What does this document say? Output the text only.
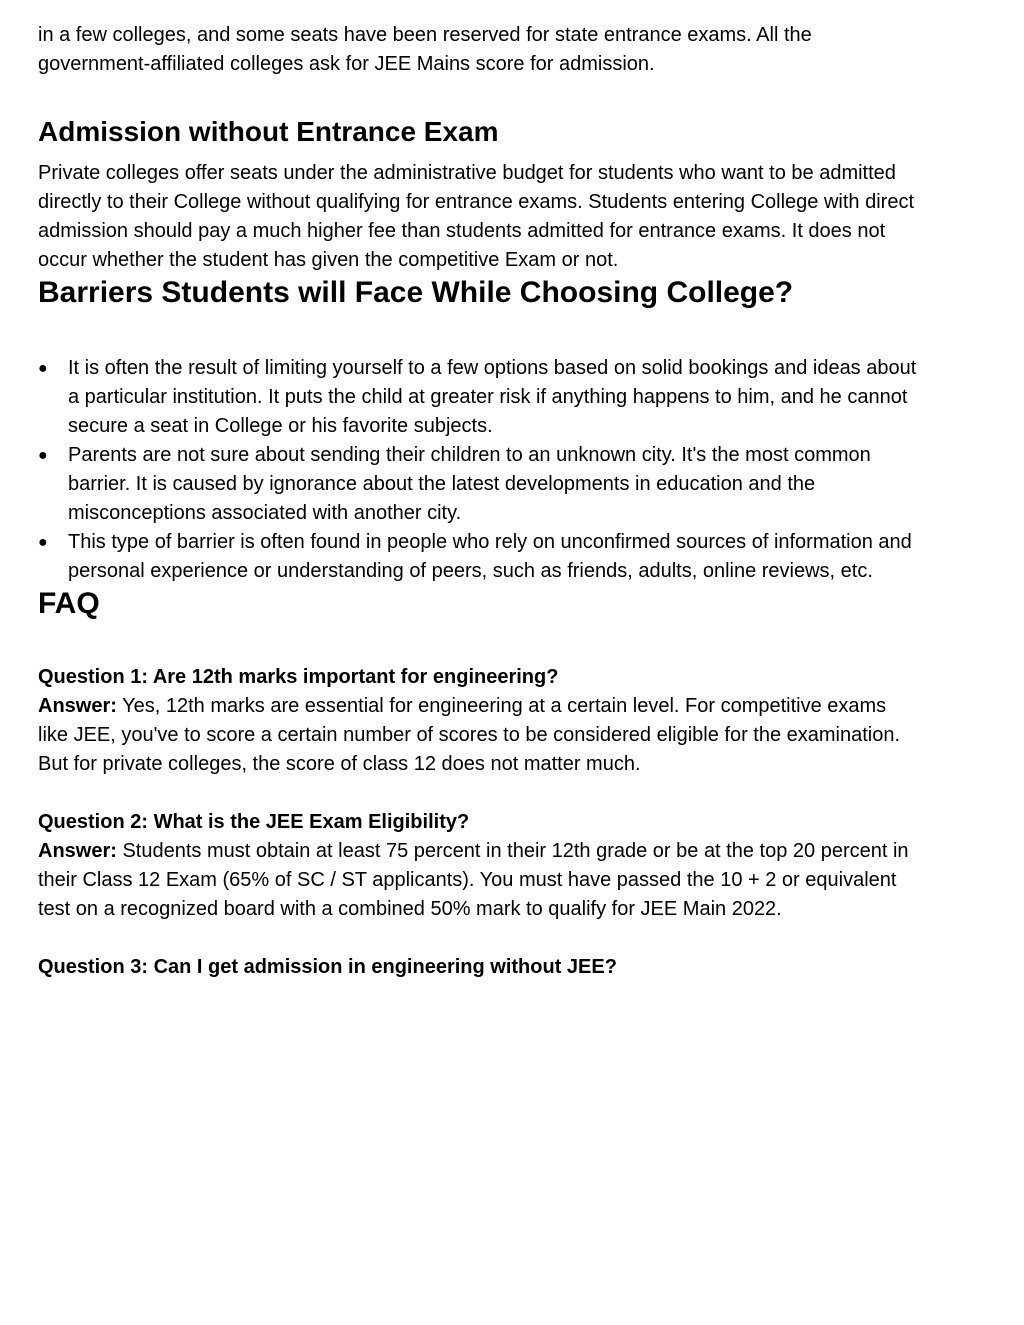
in a few colleges, and some seats have been reserved for state entrance exams. All the government-affiliated colleges ask for JEE Mains score for admission.

Admission without Entrance Exam

Private colleges offer seats under the administrative budget for students who want to be admitted directly to their College without qualifying for entrance exams. Students entering College with direct admission should pay a much higher fee than students admitted for entrance exams. It does not occur whether the student has given the competitive Exam or not.

Barriers Students will Face While Choosing College?
●	It is often the result of limiting yourself to a few options based on solid bookings and ideas about a particular institution. It puts the child at greater risk if anything happens to him, and he cannot secure a seat in College or his favorite subjects.
●	Parents are not sure about sending their children to an unknown city. It's the most common barrier. It is caused by ignorance about the latest developments in education and the misconceptions associated with another city.
●	This type of barrier is often found in people who rely on unconfirmed sources of information and personal experience or understanding of peers, such as friends, adults, online reviews, etc.
FAQ
Question 1: Are 12th marks important for engineering?
Answer: Yes, 12th marks are essential for engineering at a certain level. For competitive exams like JEE, you've to score a certain number of scores to be considered eligible for the examination. But for private colleges, the score of class 12 does not matter much.
Question 2: What is the JEE Exam Eligibility?
Answer: Students must obtain at least 75 percent in their 12th grade or be at the top 20 percent in their Class 12 Exam (65% of SC / ST applicants). You must have passed the 10 + 2 or equivalent test on a recognized board with a combined 50% mark to qualify for JEE Main 2022.
Question 3: Can I get admission in engineering without JEE?
